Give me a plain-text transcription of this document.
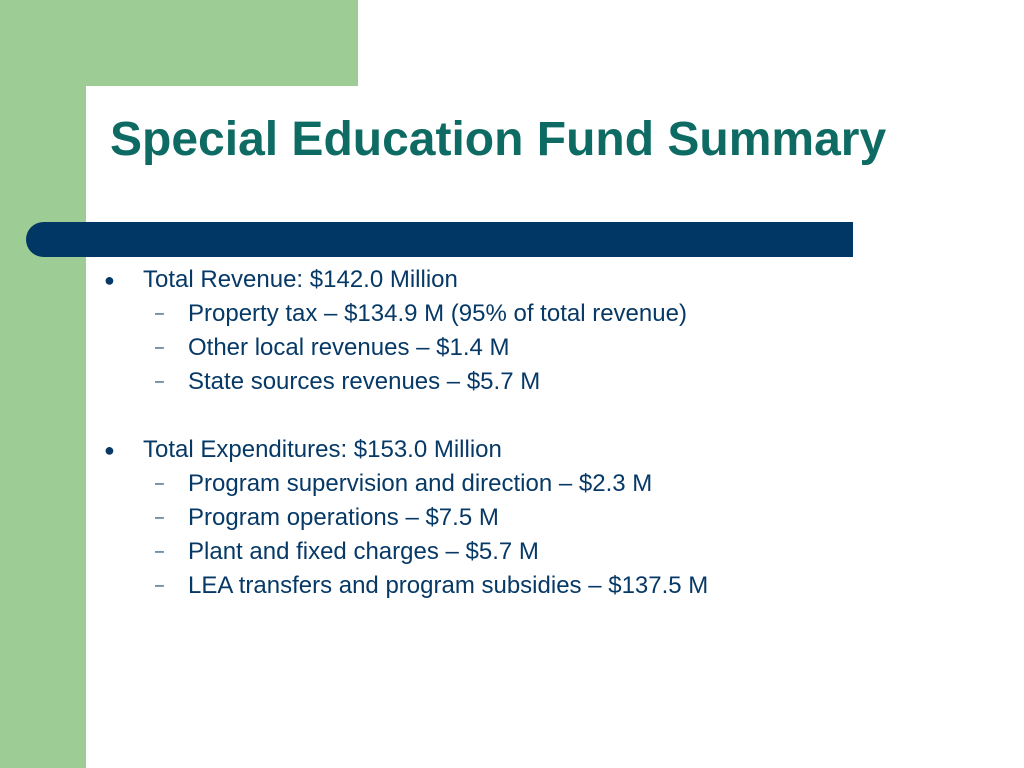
Special Education Fund Summary
● Total Revenue: $142.0 Million
– Property tax – $134.9 M (95% of total revenue)
– Other local revenues – $1.4 M
– State sources revenues – $5.7 M
● Total Expenditures: $153.0 Million
– Program supervision and direction – $2.3 M
– Program operations – $7.5 M
– Plant and fixed charges – $5.7 M
– LEA transfers and program subsidies – $137.5 M
